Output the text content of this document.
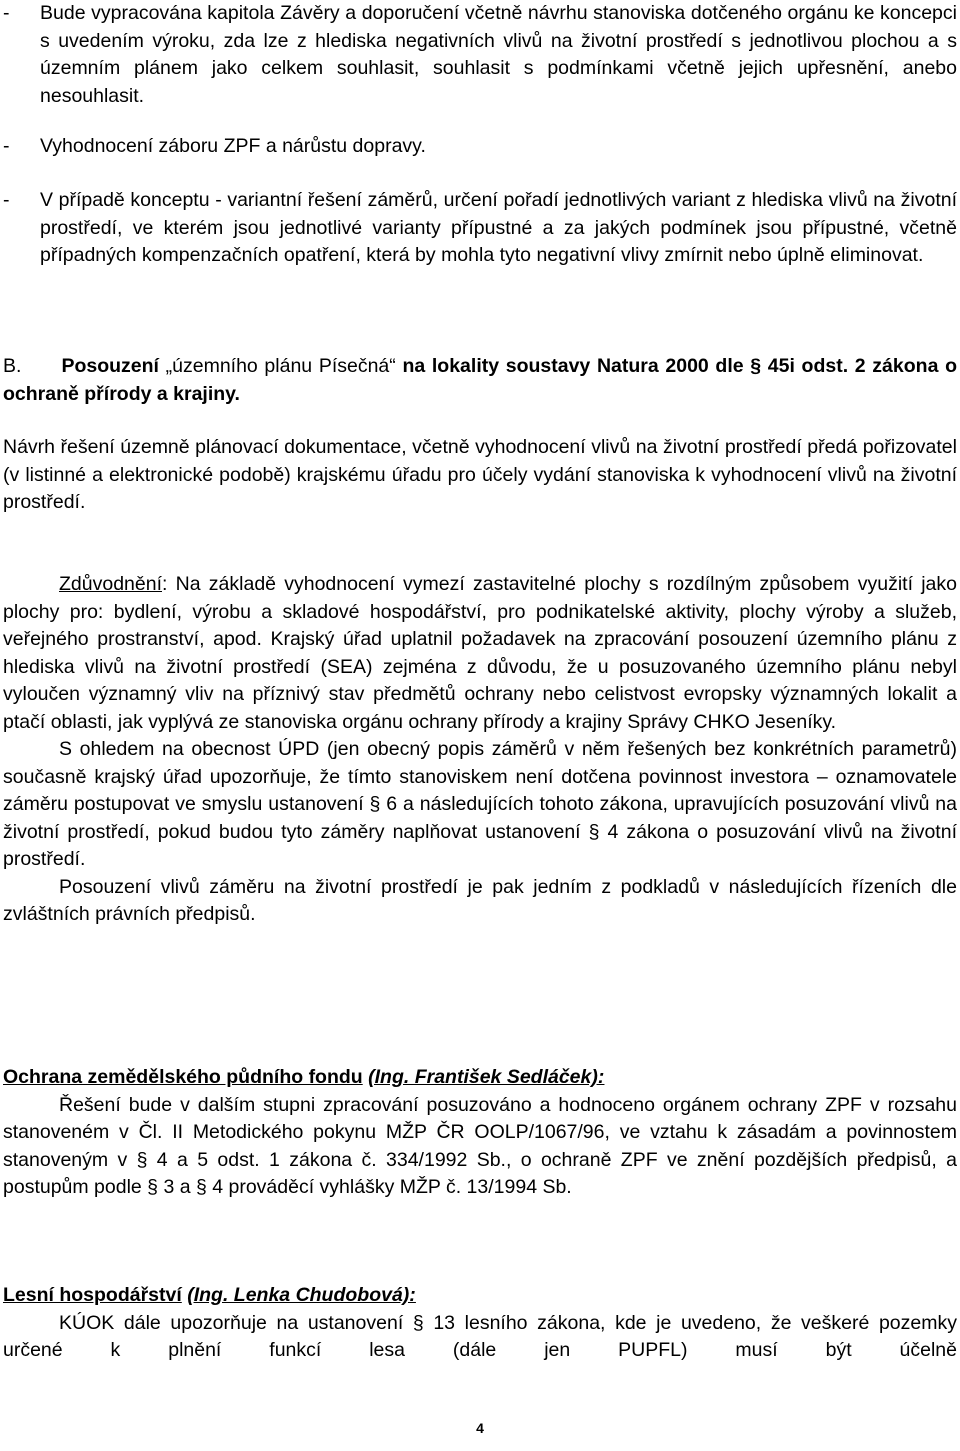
-	Bude vypracována kapitola Závěry a doporučení včetně návrhu stanoviska dotčeného orgánu ke koncepci s uvedením výroku, zda lze z hlediska negativních vlivů na životní prostředí s jednotlivou plochou a s územním plánem jako celkem souhlasit, souhlasit s podmínkami včetně jejich upřesnění, anebo nesouhlasit.
-	Vyhodnocení záboru ZPF a nárůstu dopravy.
-	V případě konceptu - variantní řešení záměrů, určení pořadí jednotlivých variant z hlediska vlivů na životní prostředí, ve kterém jsou jednotlivé varianty přípustné a za jakých podmínek jsou přípustné, včetně případných kompenzačních opatření, která by mohla tyto negativní vlivy zmírnit nebo úplně eliminovat.

B. Posouzení „územního plánu Písečná“ na lokality soustavy Natura 2000 dle § 45i odst. 2 zákona o ochraně přírody a krajiny.

Návrh řešení územně plánovací dokumentace, včetně vyhodnocení vlivů na životní prostředí předá pořizovatel (v listinné a elektronické podobě) krajskému úřadu pro účely vydání stanoviska k vyhodnocení vlivů na životní prostředí.

Zdůvodnění: Na základě vyhodnocení vymezí zastavitelné plochy s rozdílným způsobem využití jako plochy pro: bydlení, výrobu a skladové hospodářství, pro podnikatelské aktivity, plochy výroby a služeb, veřejného prostranství, apod. Krajský úřad uplatnil požadavek na zpracování posouzení územního plánu z hlediska vlivů na životní prostředí (SEA) zejména z důvodu, že u posuzovaného územního plánu nebyl vyloučen významný vliv na příznivý stav předmětů ochrany nebo celistvost evropsky významných lokalit a ptačí oblasti, jak vyplývá ze stanoviska orgánu ochrany přírody a krajiny Správy CHKO Jeseníky.

S ohledem na obecnost ÚPD (jen obecný popis záměrů v něm řešených bez konkrétních parametrů) současně krajský úřad upozorňuje, že tímto stanoviskem není dotčena povinnost investora – oznamovatele záměru postupovat ve smyslu ustanovení § 6 a následujících tohoto zákona, upravujících posuzování vlivů na životní prostředí, pokud budou tyto záměry naplňovat ustanovení § 4 zákona o posuzování vlivů na životní prostředí.

Posouzení vlivů záměru na životní prostředí je pak jedním z podkladů v následujících řízeních dle zvláštních právních předpisů.

Ochrana zemědělského půdního fondu (Ing. František Sedláček):

Řešení bude v dalším stupni zpracování posuzováno a hodnoceno orgánem ochrany ZPF v rozsahu stanoveném v Čl. II Metodického pokynu MŽP ČR OOLP/1067/96, ve vztahu k zásadám a povinnostem stanoveným v § 4 a 5 odst. 1 zákona č. 334/1992 Sb., o ochraně ZPF ve znění pozdějších předpisů, a postupům podle § 3 a § 4 prováděcí vyhlášky MŽP č. 13/1994 Sb.

Lesní hospodářství (Ing. Lenka Chudobová):

KÚOK dále upozorňuje na ustanovení § 13 lesního zákona, kde je uvedeno, že veškeré pozemky určené k plnění funkcí lesa (dále jen PUPFL) musí být účelně

4
